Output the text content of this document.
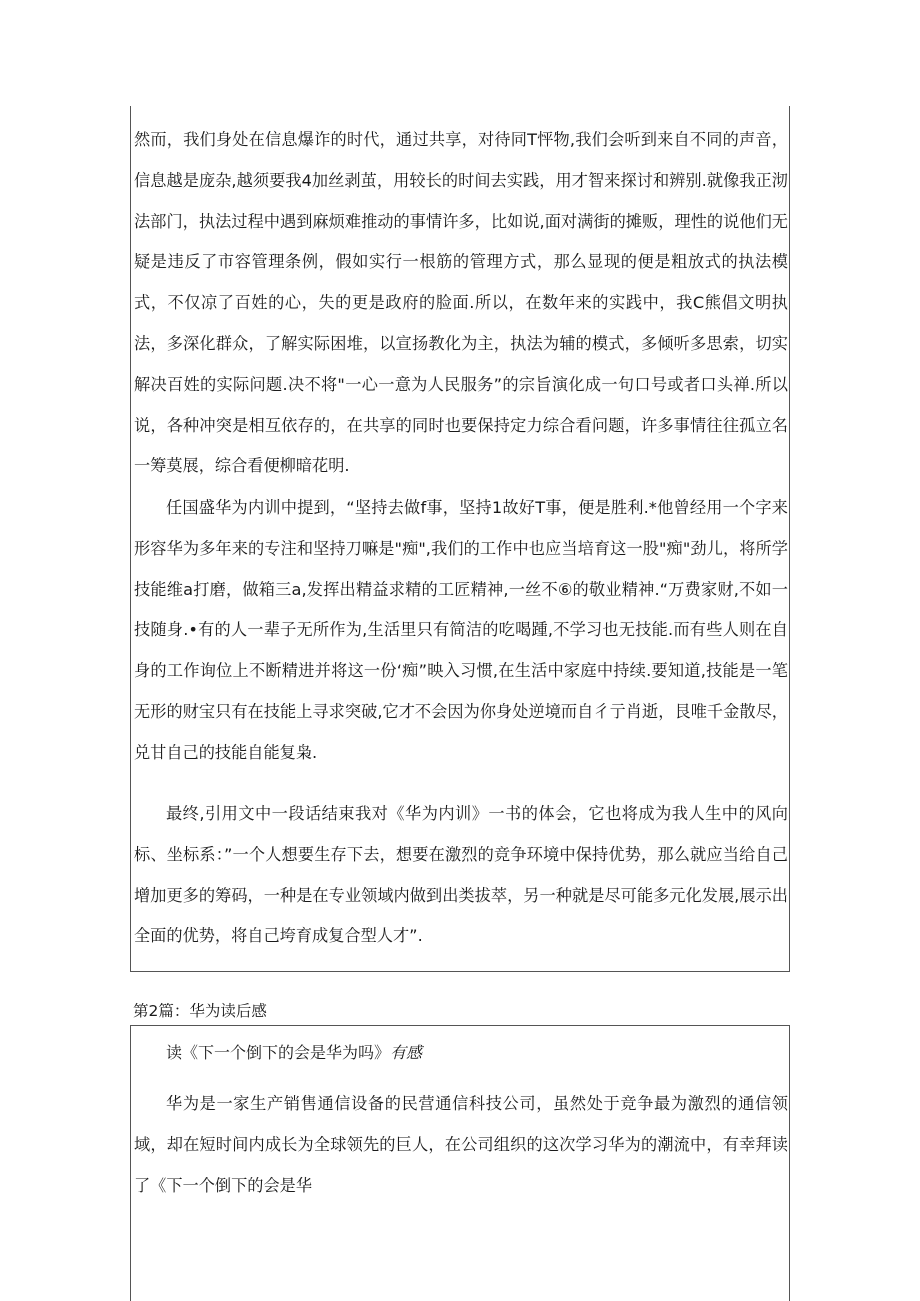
然而，我们身处在信息爆诈的时代，通过共享，对待同T怦物,我们会听到来自不同的声音，信息越是庞杂,越须要我4加丝剥茧，用较长的时间去实践，用才智来探讨和辨别.就像我正沏法部门，执法过程中遇到麻烦难推动的事情许多，比如说,面对满街的摊贩，理性的说他们无疑是违反了市容管理条例，假如实行一根筋的管理方式，那么显现的便是粗放式的执法模式，不仅凉了百姓的心，失的更是政府的脸面.所以，在数年来的实践中，我C熊倡文明执法，多深化群众，了解实际困堆，以宣扬教化为主，执法为辅的模式，多倾听多思索，切实解决百姓的实际问题.决不将"一心一意为人民服务”的宗旨演化成一句口号或者口头禅.所以说，各种冲突是相互依存的，在共享的同时也要保持定力综合看问题，许多事情往往孤立名一筹莫展，综合看便柳暗花明.

任国盛华为内训中提到，“坚持去做f事，坚持1故好T事，便是胜利.*他曾经用一个字来形容华为多年来的专注和坚持刀嘛是"痴",我们的工作中也应当培育这一股"痴"劲儿，将所学技能维a打磨，做箱三a,发挥出精益求精的工匠精神,一丝不⑥的敬业精神.“万费家财,不如一技随身.•有的人一辈子无所作为,生活里只有简洁的吃喝踵,不学习也无技能.而有些人则在自身的工作询位上不断精进并将这一份‘痴”映入习惯,在生活中家庭中持续.要知道,技能是一笔无形的财宝只有在技能上寻求突破,它才不会因为你身处逆境而自彳亍肖逝，艮唯千金散尽，兑甘自己的技能自能复枭.

最终,引用文中一段话结束我对《华为内训》一书的体会，它也将成为我人生中的风向标、坐标系：”一个人想要生存下去，想要在激烈的竞争环境中保持优势，那么就应当给自己增加更多的筹码，一种是在专业领域内做到出类拔萃，另一种就是尽可能多元化发展,展示出全面的优势，将自己垮育成复合型人才”.

第2篇：华为读后感

读《下一个倒下的会是华为吗》有感

华为是一家生产销售通信设备的民营通信科技公司，虽然处于竞争最为激烈的通信领域，却在短时间内成长为全球领先的巨人，在公司组织的这次学习华为的潮流中，有幸拜读了《下一个倒下的会是华
